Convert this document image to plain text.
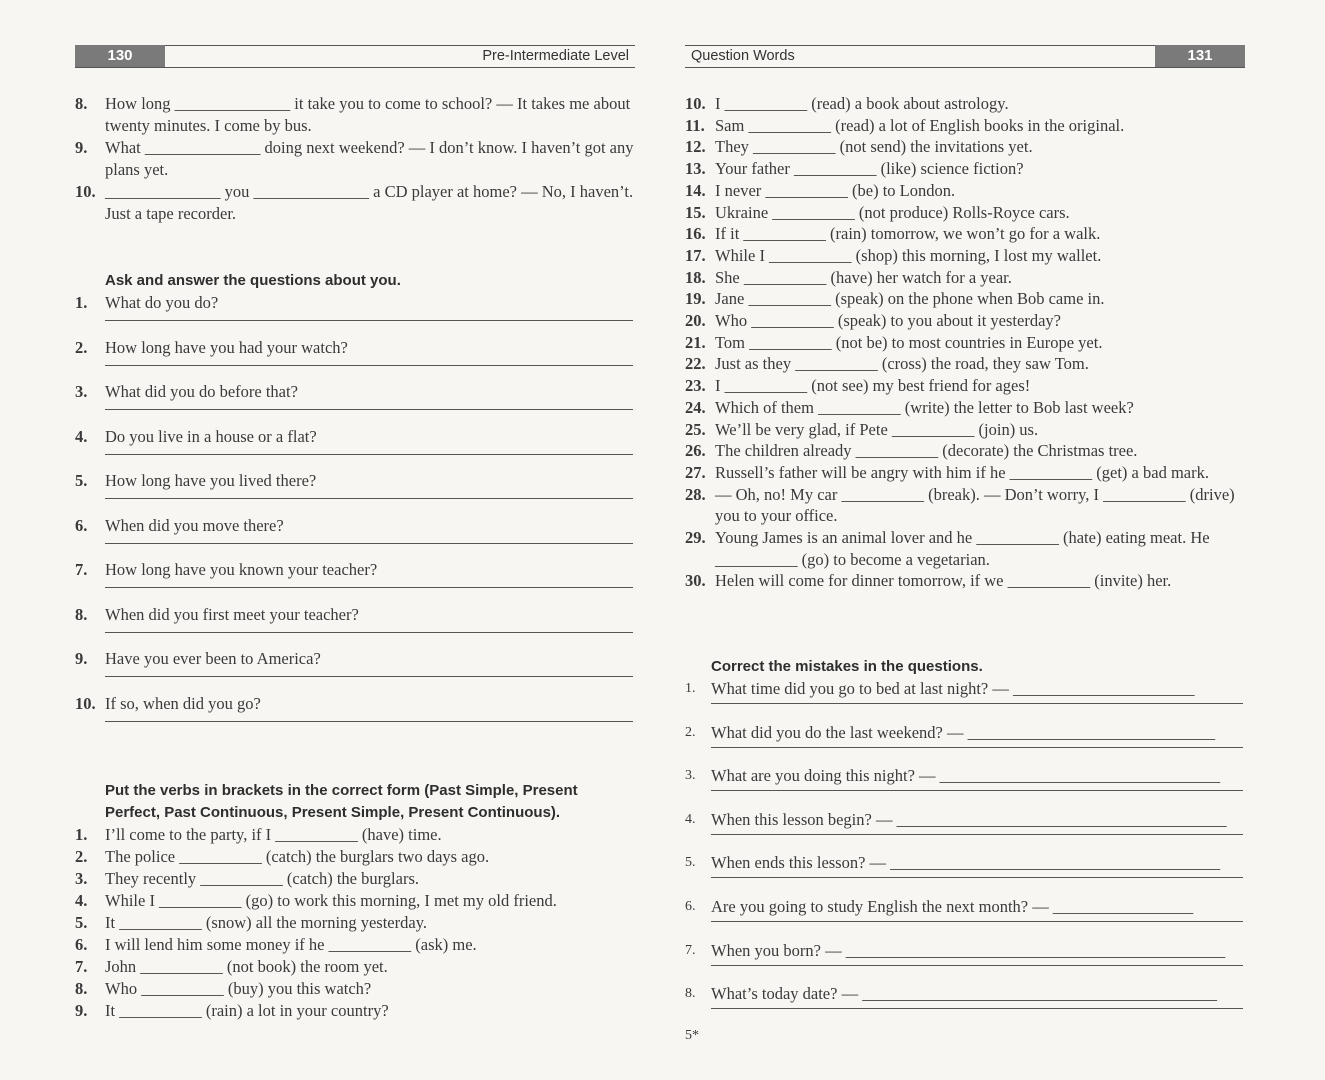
130	Pre-Intermediate Level
8.	How long ______________ it take you to come to school? — It takes me about twenty minutes. I come by bus.
9.	What ______________ doing next weekend? — I don’t know. I haven’t got any plans yet.
10. ______________ you ______________ a CD player at home? — No, I haven’t. Just a tape recorder.
Ask and answer the questions about you.
1.	What do you do?
2.	How long have you had your watch?
3.	What did you do before that?
4.	Do you live in a house or a flat?
5.	How long have you lived there?
6.	When did you move there?
7.	How long have you known your teacher?
8.	When did you first meet your teacher?
9.	Have you ever been to America?
10. If so, when did you go?
Put the verbs in brackets in the correct form (Past Simple, Present Perfect, Past Continuous, Present Simple, Present Continuous).
1.	I’ll come to the party, if I __________ (have) time.
2.	The police __________ (catch) the burglars two days ago.
3.	They recently __________ (catch) the burglars.
4.	While I __________ (go) to work this morning, I met my old friend.
5.	It __________ (snow) all the morning yesterday.
6.	I will lend him some money if he __________ (ask) me.
7.	John __________ (not book) the room yet.
8.	Who __________ (buy) you this watch?
9.	It __________ (rain) a lot in your country?
131
Question Words
10. I __________ (read) a book about astrology.
11. Sam __________ (read) a lot of English books in the original.
12. They __________ (not send) the invitations yet.
13. Your father __________ (like) science fiction?
14. I never __________ (be) to London.
15. Ukraine __________ (not produce) Rolls-Royce cars.
16. If it __________ (rain) tomorrow, we won’t go for a walk.
17. While I __________ (shop) this morning, I lost my wallet.
18. She __________ (have) her watch for a year.
19. Jane __________ (speak) on the phone when Bob came in.
20. Who __________ (speak) to you about it yesterday?
21. Tom __________ (not be) to most countries in Europe yet.
22. Just as they __________ (cross) the road, they saw Tom.
23. I __________ (not see) my best friend for ages!
24. Which of them __________ (write) the letter to Bob last week?
25. We’ll be very glad, if Pete __________ (join) us.
26. The children already __________ (decorate) the Christmas tree.
27. Russell’s father will be angry with him if he __________ (get) a bad mark.
28. — Oh, no! My car __________ (break). — Don’t worry, I __________ (drive) you to your office.
29. Young James is an animal lover and he __________ (hate) eating meat. He __________ (go) to become a vegetarian.
30. Helen will come for dinner tomorrow, if we __________ (invite) her.
Correct the mistakes in the questions.
1. What time did you go to bed at last night? — ______________________
2. What did you do the last weekend? — ______________________________
3. What are you doing this night? — __________________________________
4. When this lesson begin? — ________________________________________
5. When ends this lesson? — ________________________________________
6. Are you going to study English the next month? — _________________
7. When you born? — ______________________________________________
8. What’s today date? — ___________________________________________
5*
